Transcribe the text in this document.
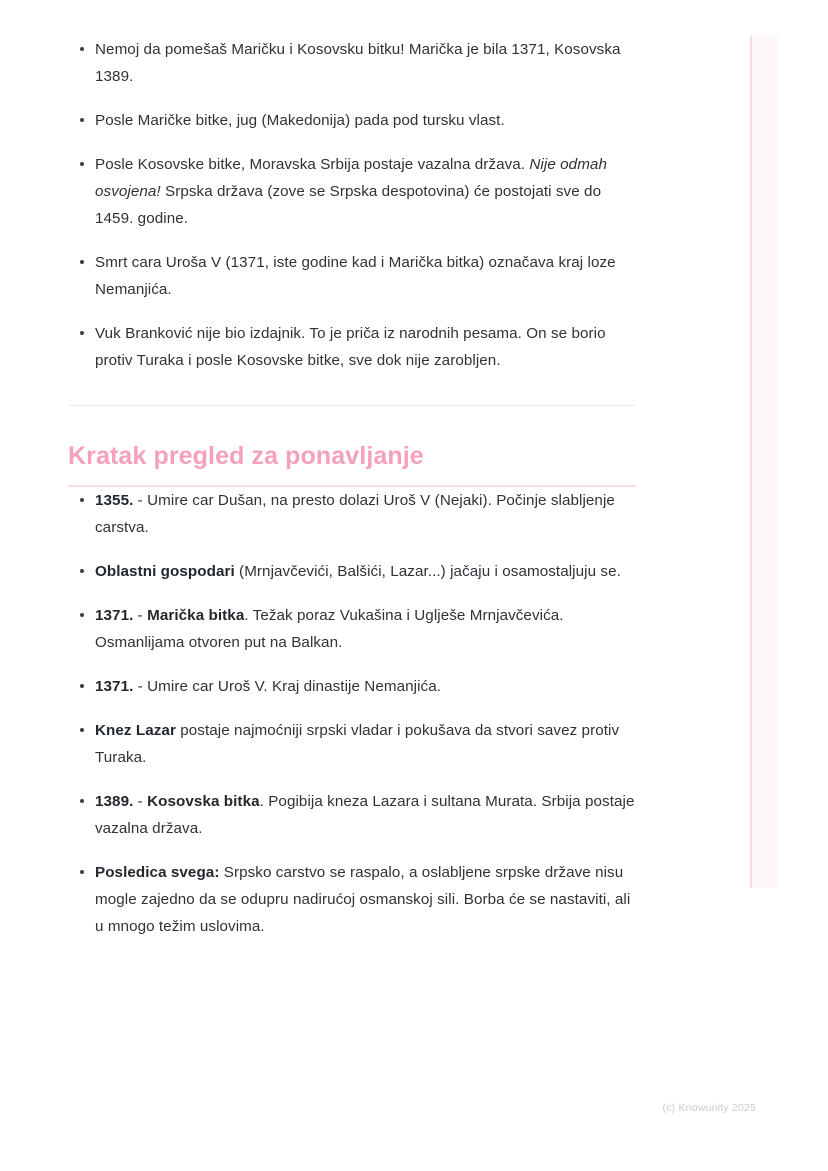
Nemoj da pomešaš Maričku i Kosovsku bitku! Marička je bila 1371, Kosovska 1389.
Posle Maričke bitke, jug (Makedonija) pada pod tursku vlast.
Posle Kosovske bitke, Moravska Srbija postaje vazalna država. Nije odmah osvojena! Srpska država (zove se Srpska despotovina) će postojati sve do 1459. godine.
Smrt cara Uroša V (1371, iste godine kad i Marička bitka) označava kraj loze Nemanjića.
Vuk Branković nije bio izdajnik. To je priča iz narodnih pesama. On se borio protiv Turaka i posle Kosovske bitke, sve dok nije zarobljen.
Kratak pregled za ponavljanje
1355. - Umire car Dušan, na presto dolazi Uroš V (Nejaki). Počinje slabljenje carstva.
Oblastni gospodari (Mrnjavčevići, Balšići, Lazar...) jačaju i osamostaljuju se.
1371. - Marička bitka. Težak poraz Vukašina i Uglješe Mrnjavčevića. Osmanlijama otvoren put na Balkan.
1371. - Umire car Uroš V. Kraj dinastije Nemanjića.
Knez Lazar postaje najmoćniji srpski vladar i pokušava da stvori savez protiv Turaka.
1389. - Kosovska bitka. Pogibija kneza Lazara i sultana Murata. Srbija postaje vazalna država.
Posledica svega: Srpsko carstvo se raspalo, a oslabljene srpske države nisu mogle zajedno da se odupru nadirućoj osmanskoj sili. Borba će se nastaviti, ali u mnogo težim uslovima.
(c) Knowunity 2025
